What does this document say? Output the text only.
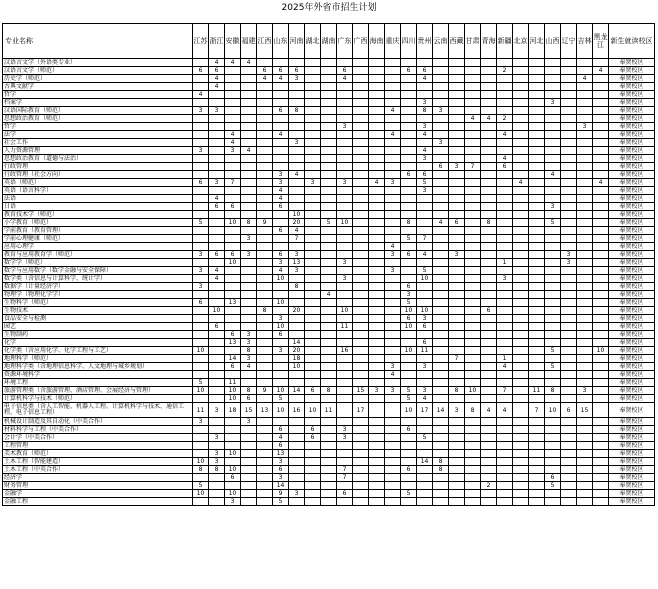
2025年外省市招生计划
专业名称	江苏	浙江	安徽	福建	江西	山东	河南	湖北	湖南	广东	广西	海南	重庆	四川	贵州	云南	西藏	甘肃	青海	新疆	北京	河北	山西	辽宁	吉林	黑龙江	新生就读校区
汉语言文学（外语类专业）		4	4	4																							奉贤校区
汉语言文学（师范）	6	6			6	6	6			6				6	6					2						4	奉贤校区
历史学（师范）		4			4	4	3			4					4										4		奉贤校区
古典文献学		4																									奉贤校区
哲学	4																										奉贤校区
档案学															3								3				奉贤校区
汉语国际教育（师范）	3	3				6	8						4		8	3											奉贤校区
思想政治教育（师范）																		4	4	2							奉贤校区
哲学										3					3										3		奉贤校区
法学			4			4							4		4					4							奉贤校区
社会工作			4				3									3											奉贤校区
人力资源管理	3		3	4											4												奉贤校区
思想政治教育（道德与法治）															3					4							奉贤校区
行政管理																6	3	7		6							奉贤校区
行政管理（社会方向）						3	4							6	6								4				奉贤校区
英语（师范）	6	3	7			3		3		3		4	3		5						4					4	奉贤校区
英语（语言科学）						4									3												奉贤校区
法语		4				4																					奉贤校区
日语		6	6			6																	3				奉贤校区
教育技术学（师范）							10																				奉贤校区
小学教育（师范）	5		10	8	9		20		5	10				8		4	6		8				5				奉贤校区
学前教育（教育管理）						6	4																				奉贤校区
学前心理健康（师范）				3			7							5	7												奉贤校区
应用心理学													4														奉贤校区
教育与应用教育学（师范）	3	6	6	3		6	3						3	6	4		3							3			奉贤校区
数学学（师范）			10			3	13			3										1				3			奉贤校区
数学与应用数学（数学金融与安全保障）	3	4				4	3						3		5												奉贤校区
数学类（含信息与计算科学、统计学）		4				10				3					10					3							奉贤校区
数据学（计量经济学）	3						8							6													奉贤校区
物理学（物理化学学）									4					3													奉贤校区
生物科学（师范）	6		13			10								5													奉贤校区
生物技术		10			8		20			10				10	10				6								奉贤校区
食品安全与检测						3								6	3												奉贤校区
园艺		6				10				11				10	6												奉贤校区
生物制药			6	3		6																					奉贤校区
化学			13	3			14								6												奉贤校区
化学类（含应用化学、化学工程与工艺）	10			8		3	20			16				10	11								5			10	奉贤校区
地理科学（师范）			14	3			18										7			1							奉贤校区
地理科学类（含地理信息科学、人文地理与城乡规划）			6	4			10						3		3					4			5				奉贤校区
资源环境科学													4														奉贤校区
环境工程	5		11																								奉贤校区
旅游管理类（含旅游管理、酒店管理、会展经济与管理）	10		10	8	9	10	14	6	8		15	3	3	5	3		8	10		7		11	8		3		奉贤校区
计算机科学与技术（师范）			10	6		5								5	4												奉贤校区
电子信息类（含人工智能、机器人工程、计算机科学与技术、通信工程、电子信息工程）	11	3	18	15	13	10	16	10	11		17			10	17	14	3	8	4	4		7	10	6	15		奉贤校区
机械设计制造及其自动化（中美合作）	3			3																							奉贤校区
材料科学与工程（中美合作）						6		6		3				6													奉贤校区
会计学（中美合作）		3				4		6		3					5												奉贤校区
工程管理						6																					奉贤校区
美术教育（师范）		3	10			13																					奉贤校区
土木工程（智能建造）	10	3				3									14	8											奉贤校区
土木工程（中英合作）	8	8	10			6				7				6		8											奉贤校区
经济学			6			3				7													6				奉贤校区
财务管理	5					14													2				5				奉贤校区
金融学	10		10			9	3			6				5													奉贤校区
金融工程			3			5																					奉贤校区
